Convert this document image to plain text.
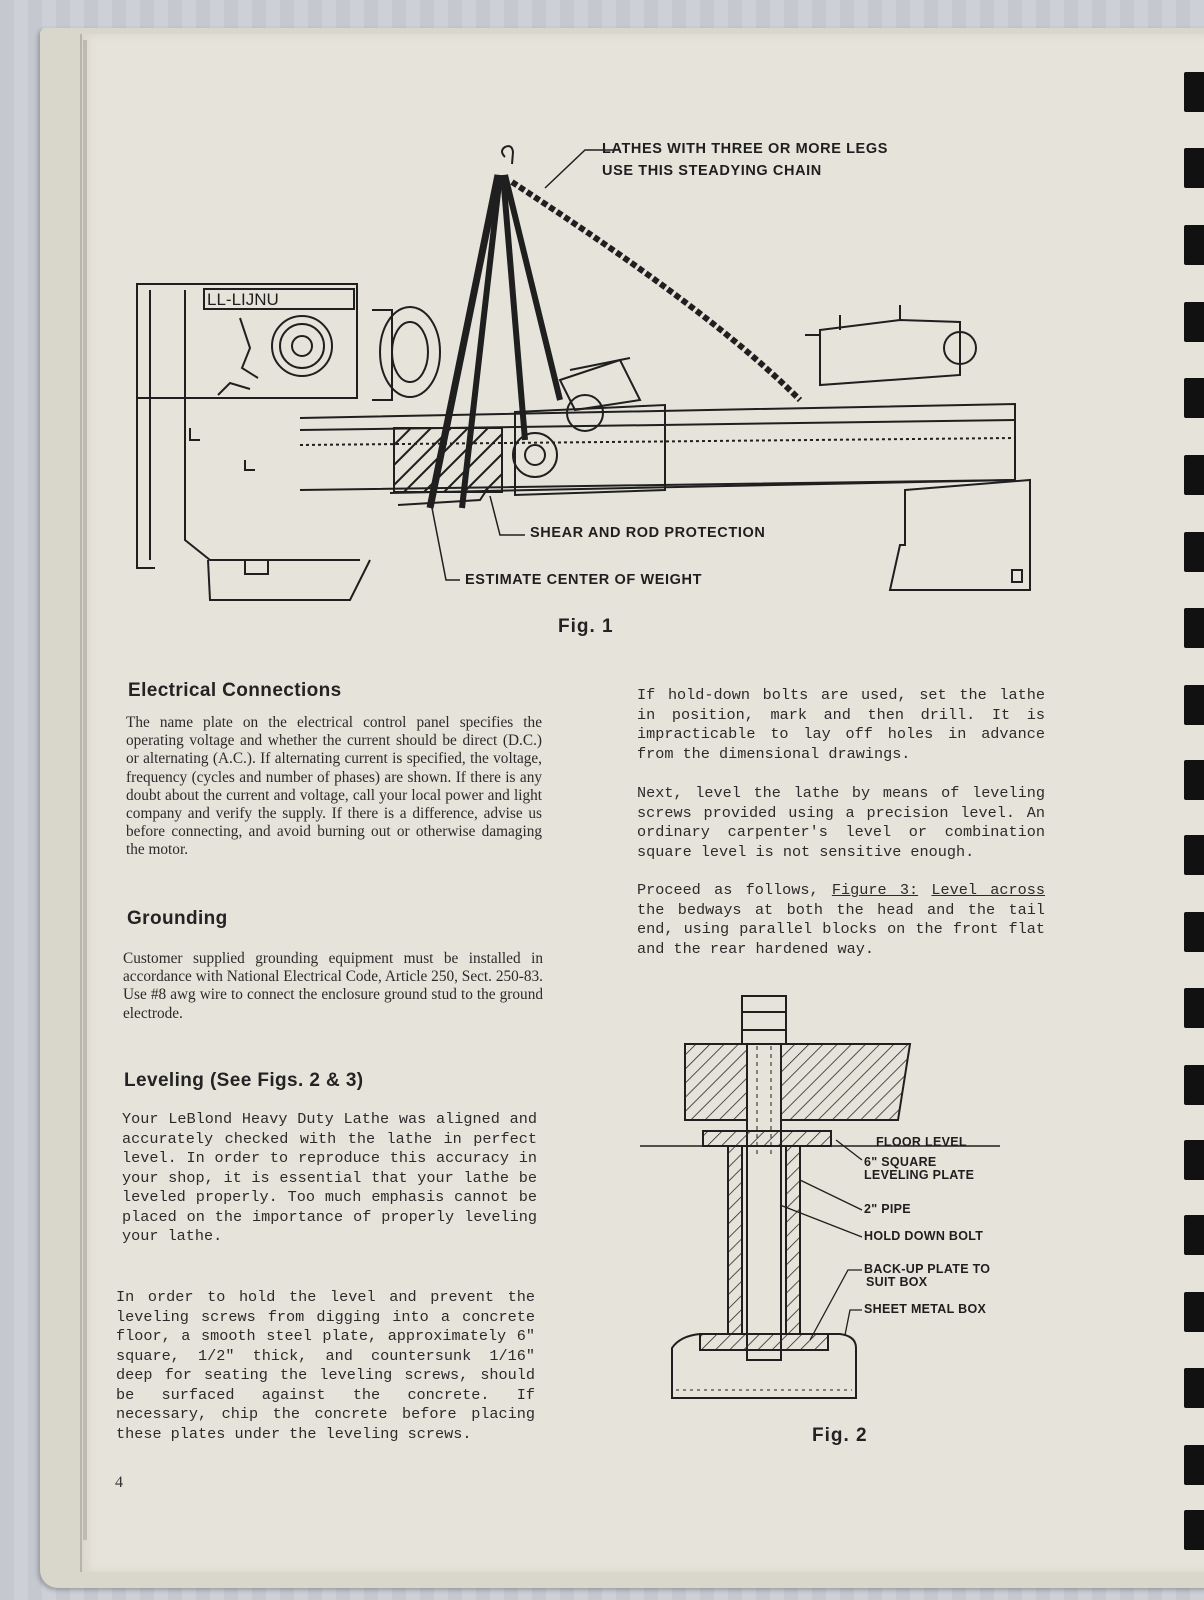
LL-LIJNU
LATHES WITH THREE OR MORE LEGS USE THIS STEADYING CHAIN
SHEAR AND ROD PROTECTION
ESTIMATE CENTER OF WEIGHT
Fig. 1
Electrical Connections
The name plate on the electrical control panel specifies the operating voltage and whether the current should be direct (D.C.) or alternating (A.C.). If alternating current is specified, the voltage, frequency (cycles and number of phases) are shown. If there is any doubt about the current and voltage, call your local power and light company and verify the supply. If there is a difference, advise us before connecting, and avoid burning out or otherwise damaging the motor.
Grounding
Customer supplied grounding equipment must be installed in accordance with National Electrical Code, Article 250, Sect. 250-83. Use #8 awg wire to connect the enclosure ground stud to the ground electrode.
Leveling (See Figs. 2 & 3)
Your LeBlond Heavy Duty Lathe was aligned and accurately checked with the lathe in perfect level. In order to reproduce this accuracy in your shop, it is essential that your lathe be leveled properly. Too much emphasis cannot be placed on the importance of properly leveling your lathe.
In order to hold the level and prevent the leveling screws from digging into a concrete floor, a smooth steel plate, approximately 6" square, 1/2" thick, and countersunk 1/16" deep for seating the leveling screws, should be surfaced against the concrete. If necessary, chip the concrete before placing these plates under the leveling screws.
4
If hold-down bolts are used, set the lathe in position, mark and then drill. It is impracticable to lay off holes in advance from the dimensional drawings.
Next, level the lathe by means of leveling screws provided using a precision level. An ordinary carpenter's level or combination square level is not sensitive enough.
Proceed as follows, Figure 3: Level across the bedways at both the head and the tail end, using parallel blocks on the front flat and the rear hardened way.
FLOOR LEVEL
6" SQUARE
LEVELING PLATE
2" PIPE
HOLD DOWN BOLT
BACK-UP PLATE TO
SUIT BOX
SHEET METAL BOX
Fig. 2
